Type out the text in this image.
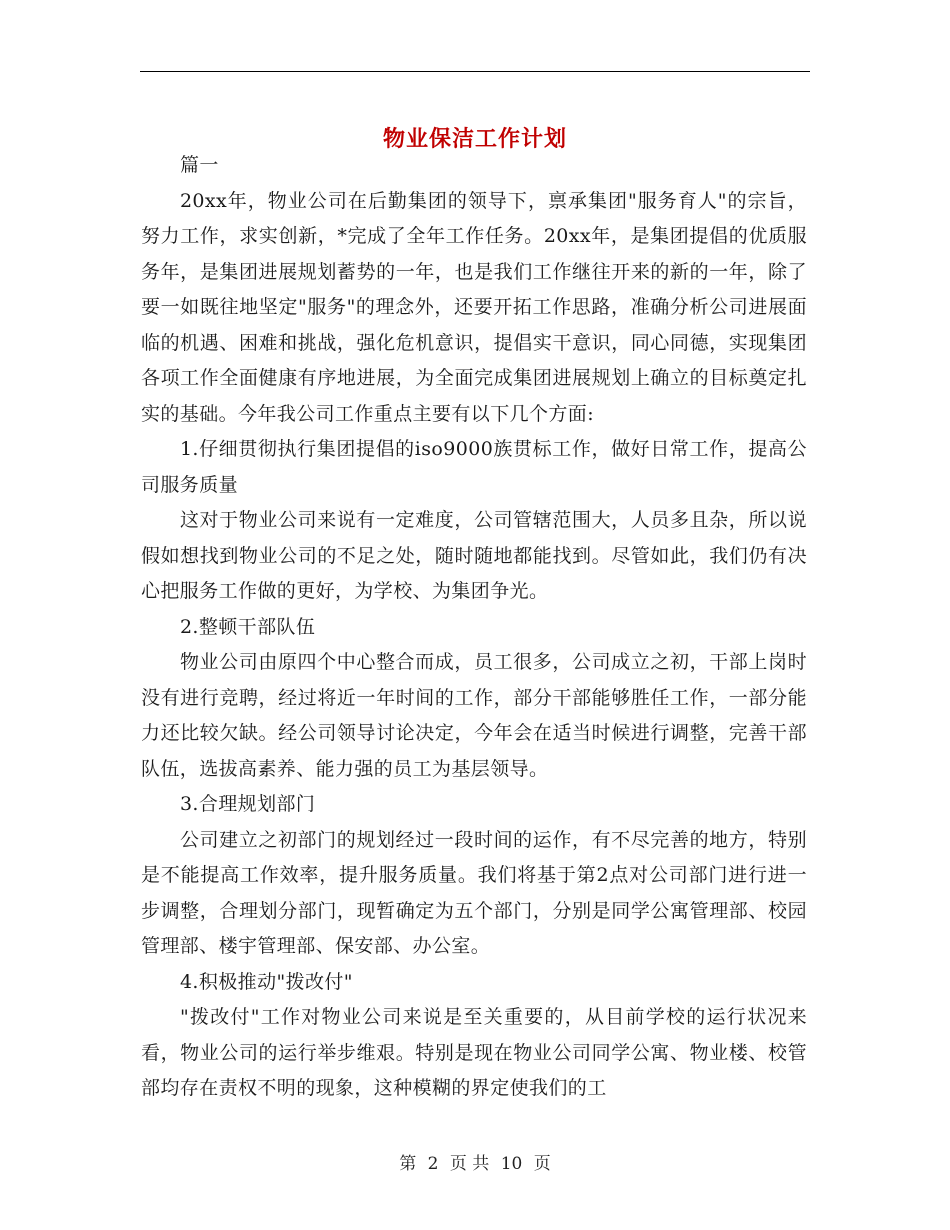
物业保洁工作计划

篇一

20xx年，物业公司在后勤集团的领导下，禀承集团"服务育人"的宗旨，努力工作，求实创新，*完成了全年工作任务。20xx年，是集团提倡的优质服务年，是集团进展规划蓄势的一年，也是我们工作继往开来的新的一年，除了要一如既往地坚定"服务"的理念外，还要开拓工作思路，准确分析公司进展面临的机遇、困难和挑战，强化危机意识，提倡实干意识，同心同德，实现集团各项工作全面健康有序地进展，为全面完成集团进展规划上确立的目标奠定扎实的基础。今年我公司工作重点主要有以下几个方面:

1.仔细贯彻执行集团提倡的iso9000族贯标工作，做好日常工作，提高公司服务质量

这对于物业公司来说有一定难度，公司管辖范围大，人员多且杂，所以说假如想找到物业公司的不足之处，随时随地都能找到。尽管如此，我们仍有决心把服务工作做的更好，为学校、为集团争光。

2.整顿干部队伍

物业公司由原四个中心整合而成，员工很多，公司成立之初，干部上岗时没有进行竞聘，经过将近一年时间的工作，部分干部能够胜任工作，一部分能力还比较欠缺。经公司领导讨论决定，今年会在适当时候进行调整，完善干部队伍，选拔高素养、能力强的员工为基层领导。

3.合理规划部门

公司建立之初部门的规划经过一段时间的运作，有不尽完善的地方，特别是不能提高工作效率，提升服务质量。我们将基于第2点对公司部门进行进一步调整，合理划分部门，现暂确定为五个部门，分别是同学公寓管理部、校园管理部、楼宇管理部、保安部、办公室。

4.积极推动"拨改付"

"拨改付"工作对物业公司来说是至关重要的，从目前学校的运行状况来看，物业公司的运行举步维艰。特别是现在物业公司同学公寓、物业楼、校管部均存在责权不明的现象，这种模糊的界定使我们的工

第 2 页 共 10 页
